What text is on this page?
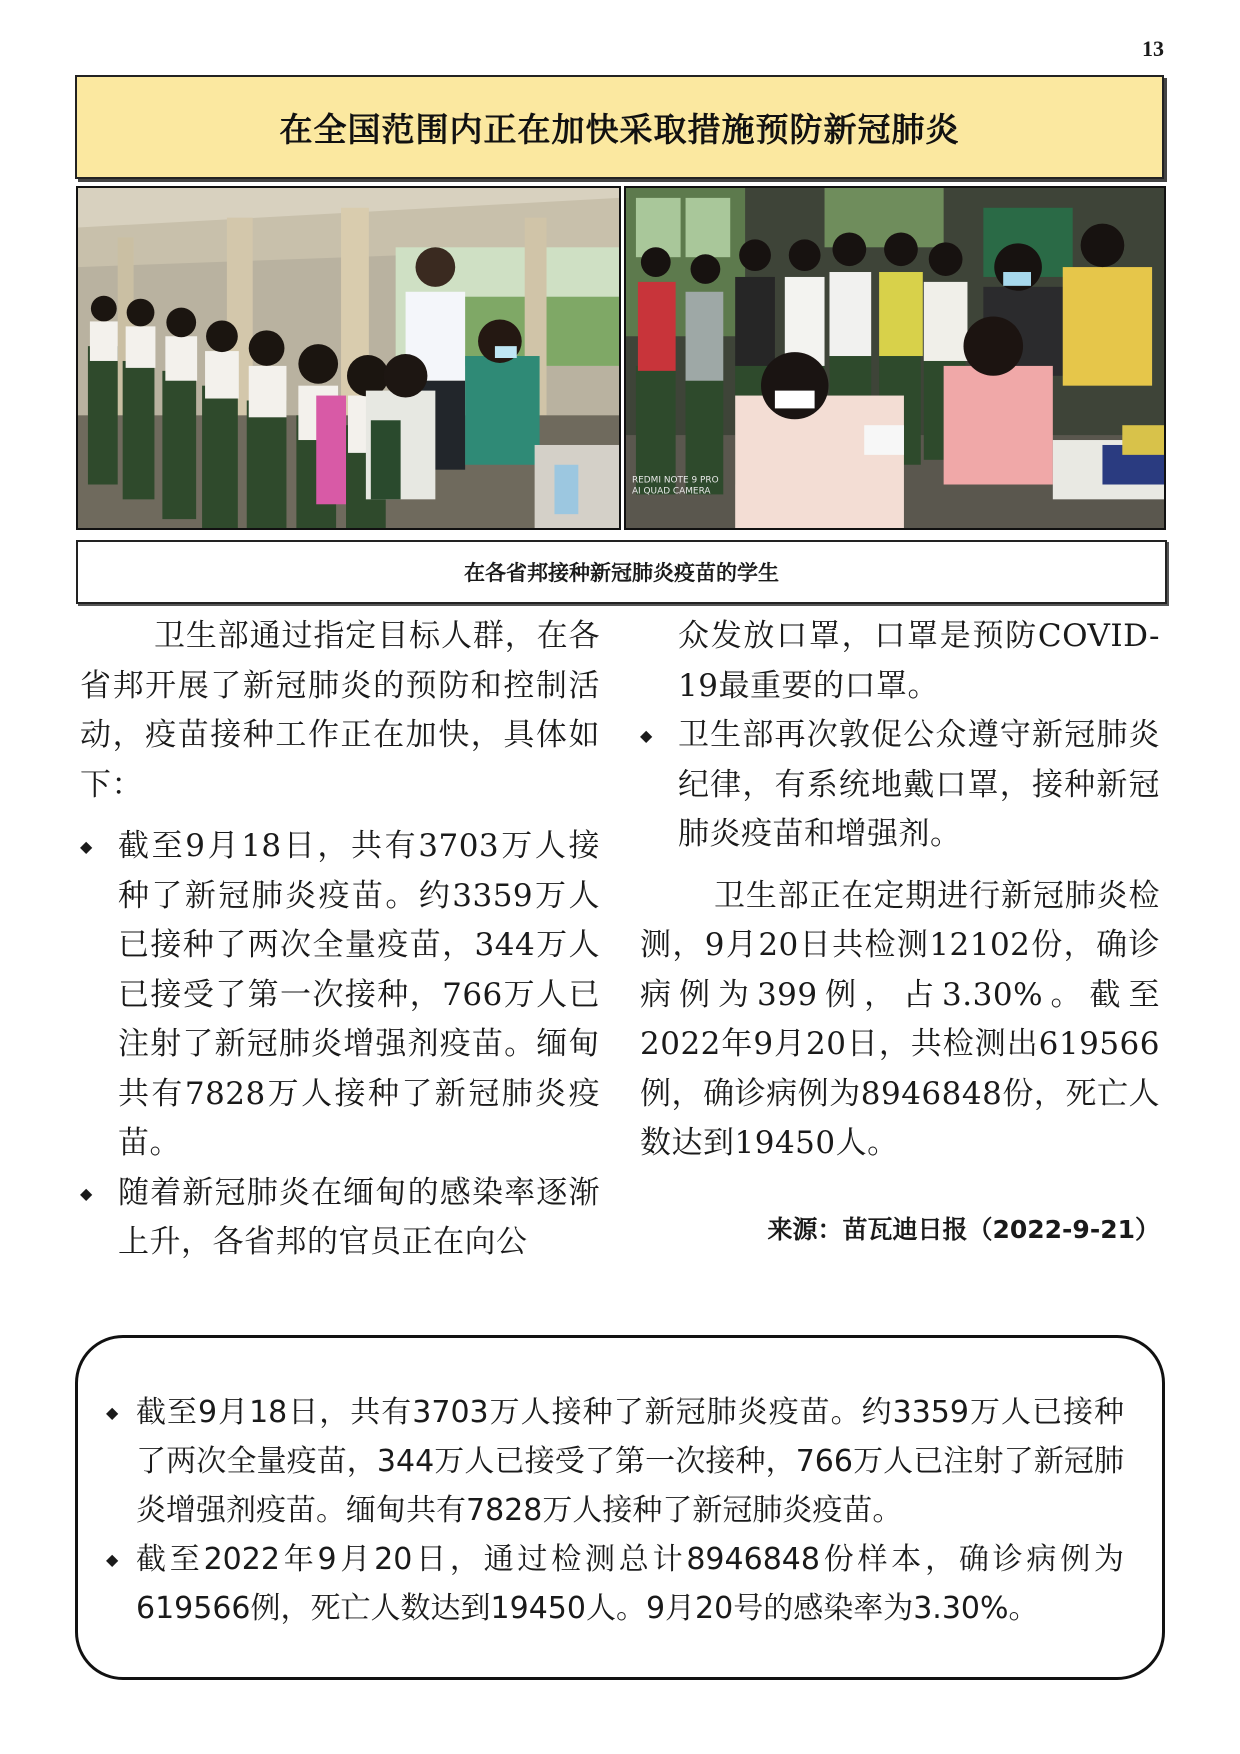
13
在全国范围内正在加快采取措施预防新冠肺炎
REDMI NOTE 9 PRO AI QUAD CAMERA
在各省邦接种新冠肺炎疫苗的学生

卫生部通过指定目标人群，在各省邦开展了新冠肺炎的预防和控制活动，疫苗接种工作正在加快，具体如下：

◆ 截至9月18日，共有3703万人接种了新冠肺炎疫苗。约3359万人已接种了两次全量疫苗，344万人已接受了第一次接种，766万人已注射了新冠肺炎增强剂疫苗。缅甸共有7828万人接种了新冠肺炎疫苗。
◆ 随着新冠肺炎在缅甸的感染率逐渐上升，各省邦的官员正在向公

众发放口罩，口罩是预防COVID-19最重要的口罩。

◆ 卫生部再次敦促公众遵守新冠肺炎纪律，有系统地戴口罩，接种新冠肺炎疫苗和增强剂。

卫生部正在定期进行新冠肺炎检测，9月20日共检测12102份，确诊病例为399例，占3.30%。截至2022年9月20日，共检测出619566例，确诊病例为8946848份，死亡人数达到19450人。

来源：苗瓦迪日报（2022-9-21）
◆ 截至9月18日，共有3703万人接种了新冠肺炎疫苗。约3359万人已接种了两次全量疫苗，344万人已接受了第一次接种，766万人已注射了新冠肺炎增强剂疫苗。缅甸共有7828万人接种了新冠肺炎疫苗。
◆ 截至2022年9月20日，通过检测总计8946848份样本，确诊病例为619566例，死亡人数达到19450人。9月20号的感染率为3.30%。
